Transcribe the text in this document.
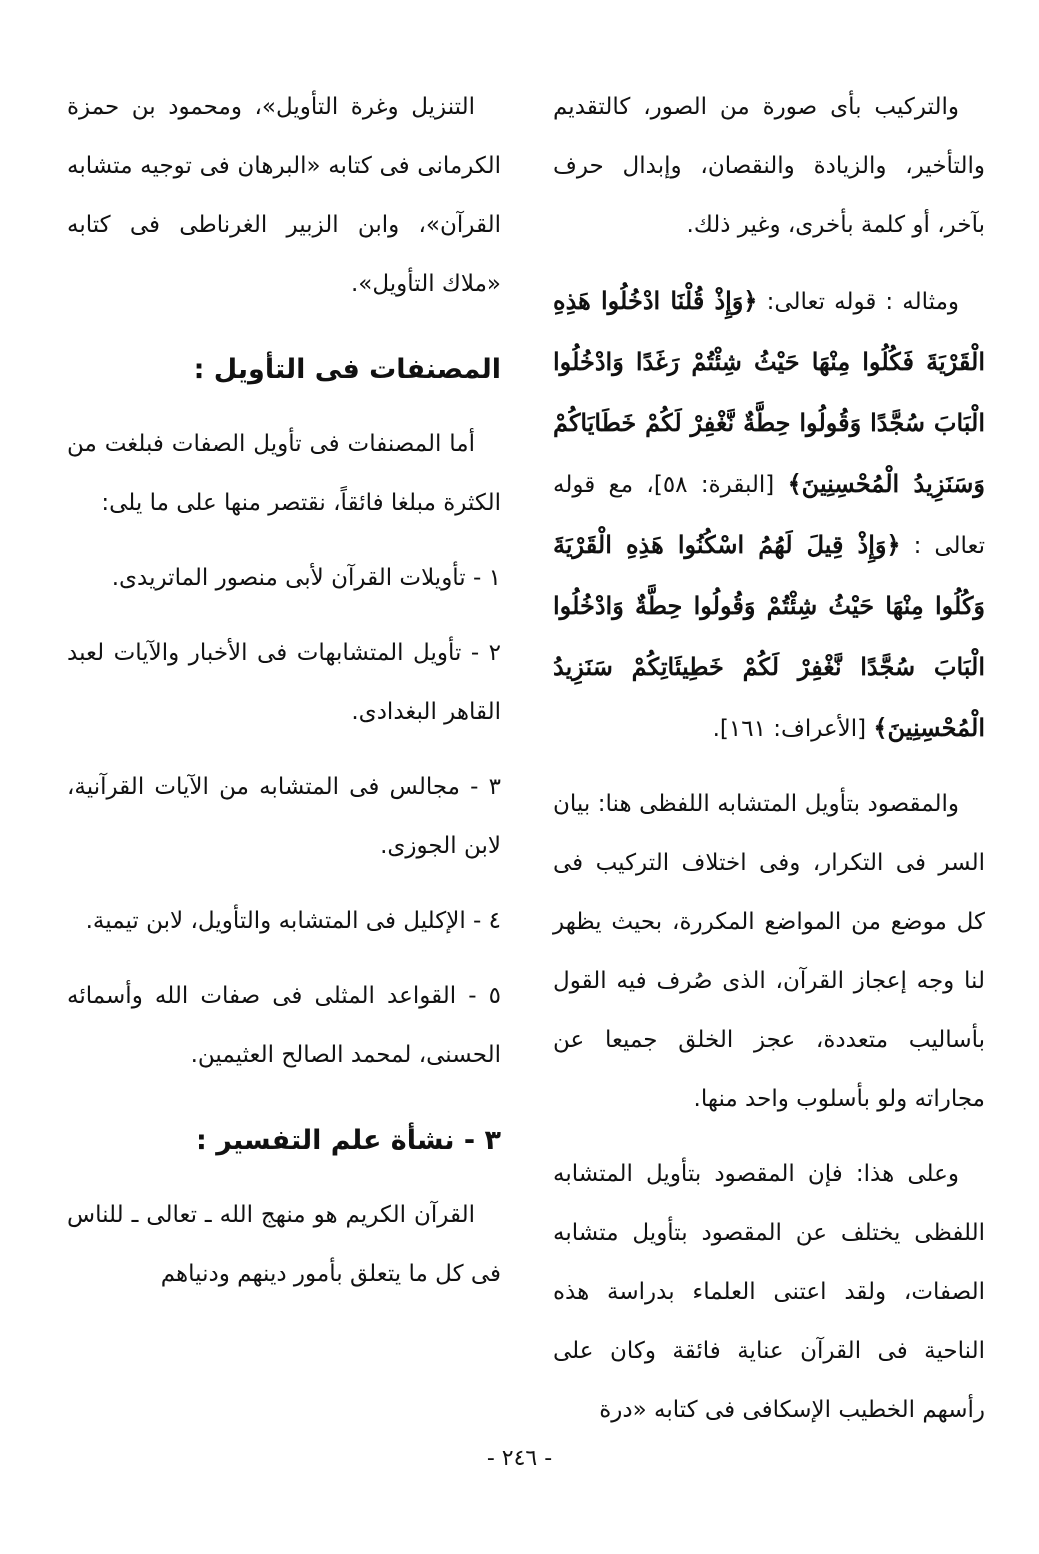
والتركيب بأى صورة من الصور، كالتقديم والتأخير، والزيادة والنقصان، وإبدال حرف بآخر، أو كلمة بأخرى، وغير ذلك.

ومثاله : قوله تعالى: ﴿وَإِذْ قُلْنَا ادْخُلُوا هَذِهِ الْقَرْيَةَ فَكُلُوا مِنْهَا حَيْثُ شِئْتُمْ رَغَدًا وَادْخُلُوا الْبَابَ سُجَّدًا وَقُولُوا حِطَّةٌ نَّغْفِرْ لَكُمْ خَطَايَاكُمْ وَسَنَزِيدُ الْمُحْسِنِينَ﴾ [البقرة: ٥٨]، مع قوله تعالى : ﴿وَإِذْ قِيلَ لَهُمُ اسْكُنُوا هَذِهِ الْقَرْيَةَ وَكُلُوا مِنْهَا حَيْثُ شِئْتُمْ وَقُولُوا حِطَّةٌ وَادْخُلُوا الْبَابَ سُجَّدًا نَّغْفِرْ لَكُمْ خَطِيئَاتِكُمْ سَنَزِيدُ الْمُحْسِنِينَ﴾ [الأعراف: ١٦١].

والمقصود بتأويل المتشابه اللفظى هنا: بيان السر فى التكرار، وفى اختلاف التركيب فى كل موضع من المواضع المكررة، بحيث يظهر لنا وجه إعجاز القرآن، الذى صُرف فيه القول بأساليب متعددة، عجز الخلق جميعا عن مجاراته ولو بأسلوب واحد منها.

وعلى هذا: فإن المقصود بتأويل المتشابه اللفظى يختلف عن المقصود بتأويل متشابه الصفات، ولقد اعتنى العلماء بدراسة هذه الناحية فى القرآن عناية فائقة وكان على رأسهم الخطيب الإسكافى فى كتابه «درة

التنزيل وغرة التأويل»، ومحمود بن حمزة الكرمانى فى كتابه «البرهان فى توجيه متشابه القرآن»، وابن الزبير الغرناطى فى كتابه «ملاك التأويل».

المصنفات فى التأويل :

أما المصنفات فى تأويل الصفات فبلغت من الكثرة مبلغا فائقاً، نقتصر منها على ما يلى:

١ - تأويلات القرآن لأبى منصور الماتريدى.

٢ - تأويل المتشابهات فى الأخبار والآيات لعبد القاهر البغدادى.

٣ - مجالس فى المتشابه من الآيات القرآنية، لابن الجوزى.

٤ - الإكليل فى المتشابه والتأويل، لابن تيمية.

٥ - القواعد المثلى فى صفات الله وأسمائه الحسنى، لمحمد الصالح العثيمين.

٣ - نشأة علم التفسير :

القرآن الكريم هو منهج الله ـ تعالى ـ للناس فى كل ما يتعلق بأمور دينهم ودنياهم

- ٢٤٦ -
